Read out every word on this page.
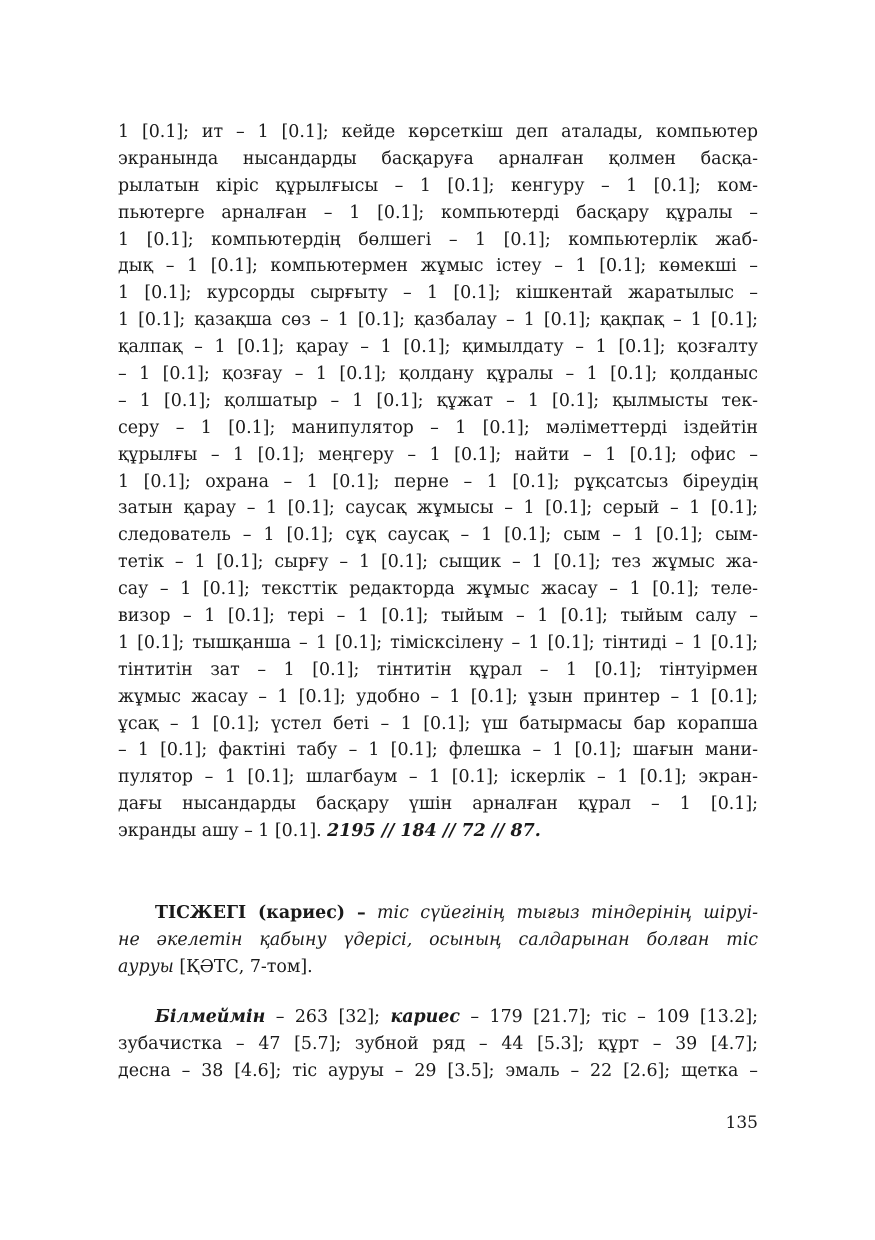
1 [0.1]; ит – 1 [0.1]; кейде көрсеткіш деп аталады, компьютер
экранында нысандарды басқаруға арналған қолмен басқа-
рылатын кіріс құрылғысы – 1 [0.1]; кенгуру – 1 [0.1]; ком-
пьютерге арналған – 1 [0.1]; компьютерді басқару құралы –
1 [0.1]; компьютердің бөлшегі – 1 [0.1]; компьютерлік жаб-
дық – 1 [0.1]; компьютермен жұмыс істеу – 1 [0.1]; көмекші –
1 [0.1]; курсорды сырғыту – 1 [0.1]; кішкентай жаратылыс –
1 [0.1]; қазақша сөз – 1 [0.1]; қазбалау – 1 [0.1]; қақпақ – 1 [0.1];
қалпақ – 1 [0.1]; қарау – 1 [0.1]; қимылдату – 1 [0.1]; қозғалту
– 1 [0.1]; қозғау – 1 [0.1]; қолдану құралы – 1 [0.1]; қолданыс
– 1 [0.1]; қолшатыр – 1 [0.1]; құжат – 1 [0.1]; қылмысты тек-
серу – 1 [0.1]; манипулятор – 1 [0.1]; мәліметтерді іздейтін
құрылғы – 1 [0.1]; меңгеру – 1 [0.1]; найти – 1 [0.1]; офис –
1 [0.1]; охрана – 1 [0.1]; перне – 1 [0.1]; рұқсатсыз біреудің
затын қарау – 1 [0.1]; саусақ жұмысы – 1 [0.1]; серый – 1 [0.1];
следователь – 1 [0.1]; сұқ саусақ – 1 [0.1]; сым – 1 [0.1]; сым-
тетік – 1 [0.1]; сырғу – 1 [0.1]; сыщик – 1 [0.1]; тез жұмыс жа-
сау – 1 [0.1]; тексттік редакторда жұмыс жасау – 1 [0.1]; теле-
визор – 1 [0.1]; тері – 1 [0.1]; тыйым – 1 [0.1]; тыйым салу –
1 [0.1]; тышқанша – 1 [0.1]; тімісксілену – 1 [0.1]; тінтиді – 1 [0.1];
тінтитін зат – 1 [0.1]; тінтитін құрал – 1 [0.1]; тінтуірмен
жұмыс жасау – 1 [0.1]; удобно – 1 [0.1]; ұзын принтер – 1 [0.1];
ұсақ – 1 [0.1]; үстел беті – 1 [0.1]; үш батырмасы бар корапша
– 1 [0.1]; фактіні табу – 1 [0.1]; флешка – 1 [0.1]; шағын мани-
пулятор – 1 [0.1]; шлагбаум – 1 [0.1]; іскерлік – 1 [0.1]; экран-
дағы нысандарды басқару үшін арналған құрал – 1 [0.1];
экранды ашу – 1 [0.1]. 2195 // 184 // 72 // 87.
ТІСЖЕГІ (кариес) – тіс сүйегінің тығыз тіндерінің шіруі-
не әкелетін қабыну үдерісі, осының салдарынан болған тіс
ауруы [ҚӘТС, 7-том].
Білмеймін – 263 [32]; кариес – 179 [21.7]; тіс – 109 [13.2];
зубачистка – 47 [5.7]; зубной ряд – 44 [5.3]; құрт – 39 [4.7];
десна – 38 [4.6]; тіс ауруы – 29 [3.5]; эмаль – 22 [2.6]; щетка –
135
